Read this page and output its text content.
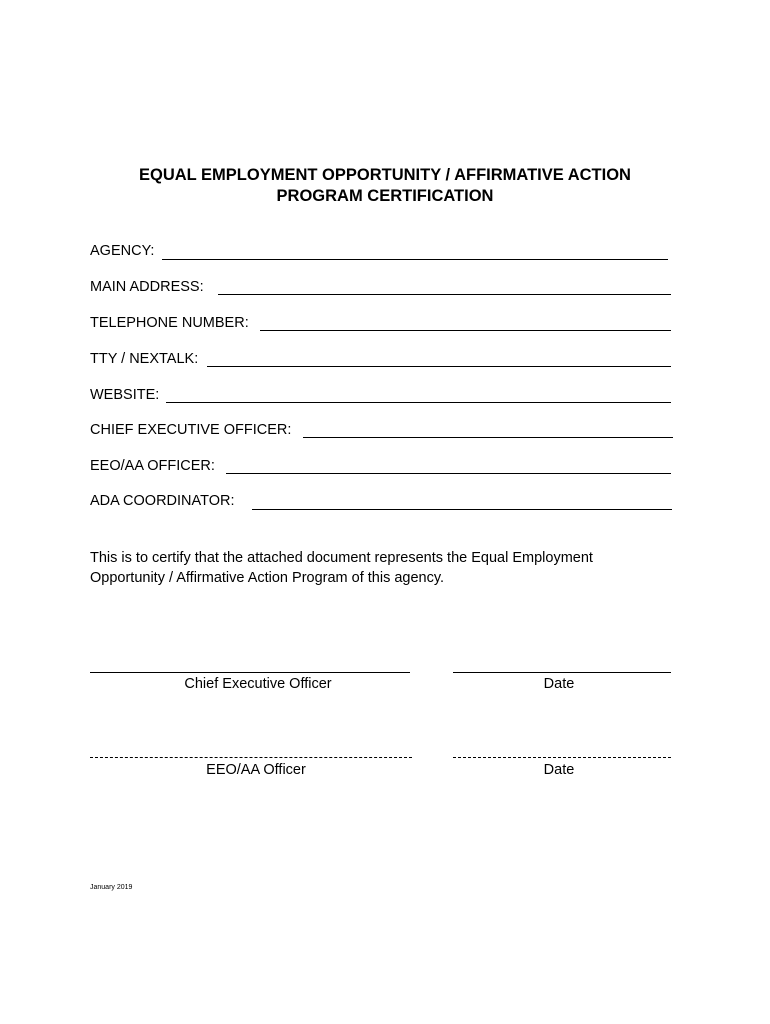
EQUAL EMPLOYMENT OPPORTUNITY / AFFIRMATIVE ACTION
PROGRAM CERTIFICATION
AGENCY:
MAIN ADDRESS:
TELEPHONE NUMBER:
TTY / NEXTALK:
WEBSITE:
CHIEF EXECUTIVE OFFICER:
EEO/AA OFFICER:
ADA COORDINATOR:
This is to certify that the attached document represents the Equal Employment
Opportunity / Affirmative Action Program of this agency.
Chief Executive Officer	Date
EEO/AA Officer	Date
January 2019
